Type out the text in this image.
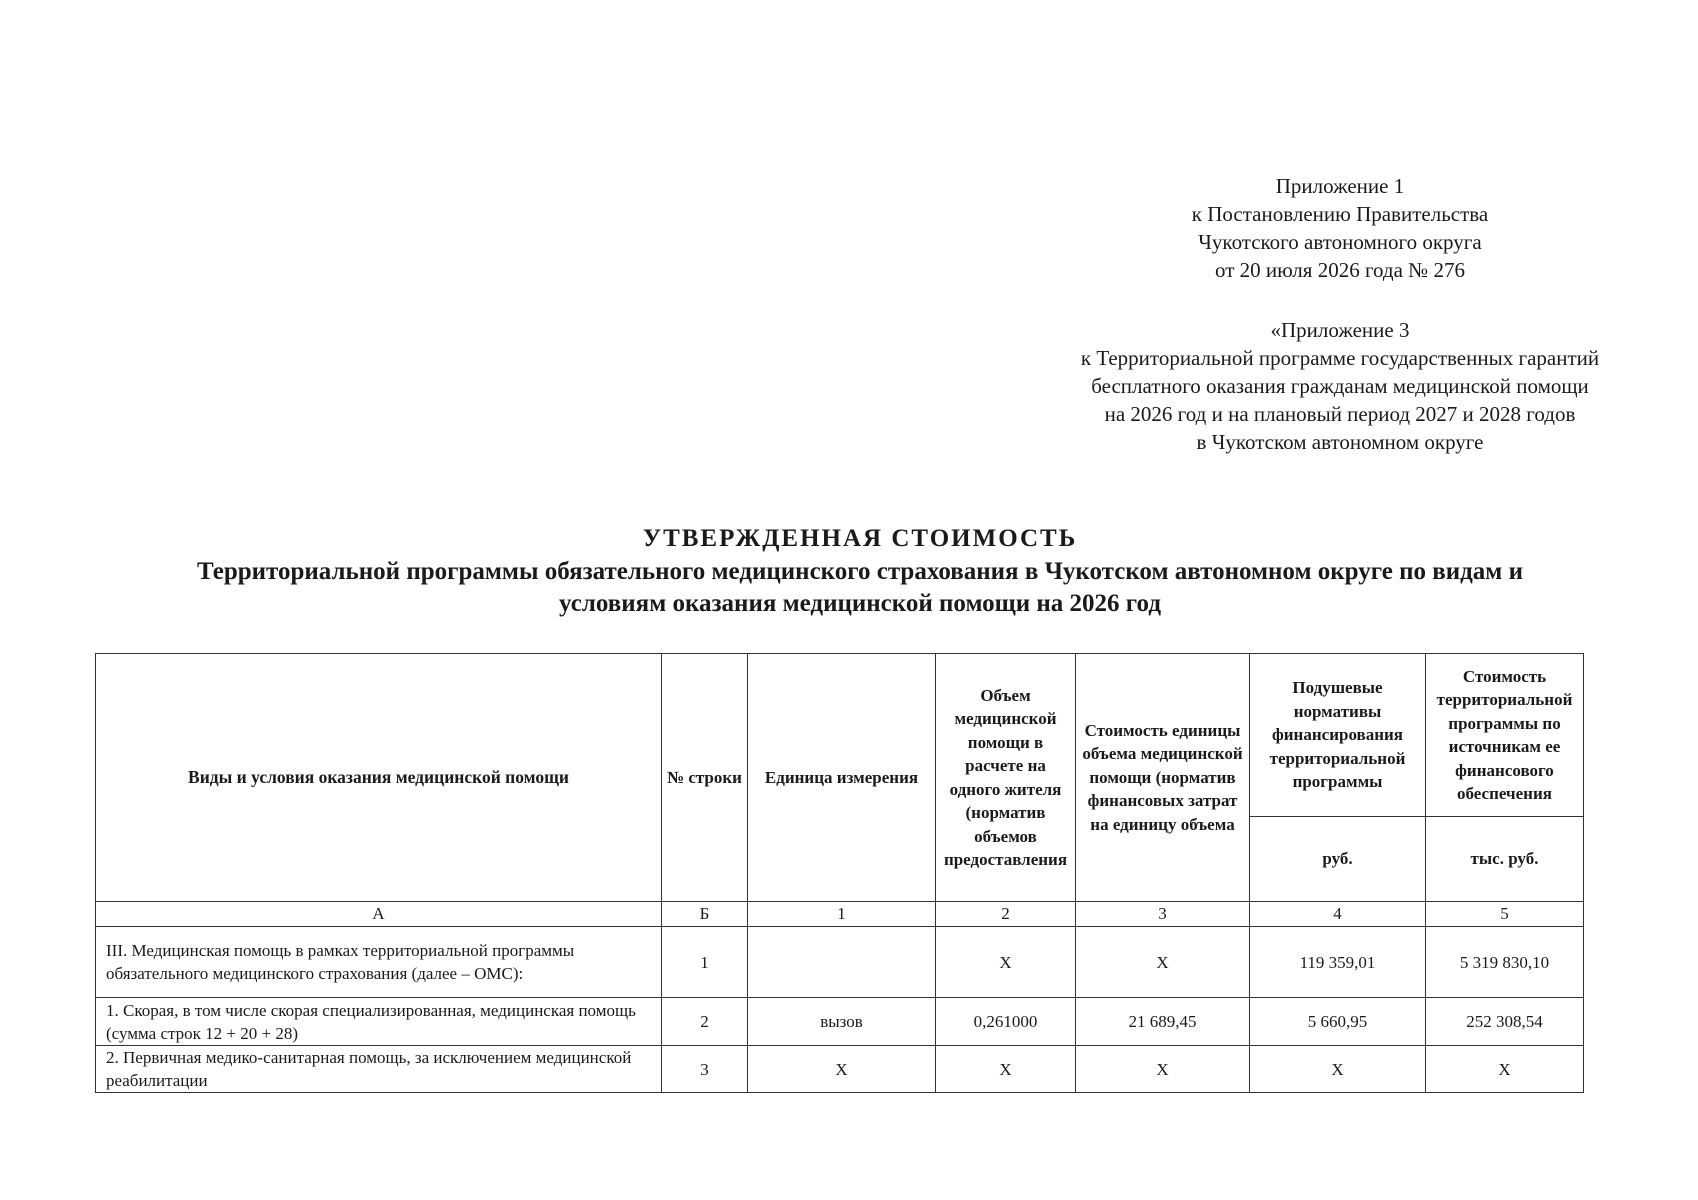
Приложение 1
к Постановлению Правительства
Чукотского автономного округа
от 20 июля 2026 года № 276
«Приложение 3
к Территориальной программе государственных гарантий
бесплатного оказания гражданам медицинской помощи
на 2026 год и на плановый период 2027 и 2028 годов
в Чукотском автономном округе
УТВЕРЖДЕННАЯ СТОИМОСТЬ
Территориальной программы обязательного медицинского страхования в Чукотском автономном округе по видам и
условиям оказания медицинской помощи на 2026 год
Виды и условия оказания медицинской помощи	№ строки	Единица измерения	Объем медицинской помощи в расчете на одного жителя (норматив объемов предоставления	Стоимость единицы объема медицинской помощи (норматив финансовых затрат на единицу объема	Подушевые нормативы финансирования территориальной программы	Стоимость территориальной программы по источникам ее финансового обеспечения
					руб.	тыс. руб.
А	Б	1	2	3	4	5
III. Медицинская помощь в рамках территориальной программы обязательного медицинского страхования (далее – ОМС):	1		X	X	119 359,01	5 319 830,10
1. Скорая, в том числе скорая специализированная, медицинская помощь (сумма строк 12 + 20 + 28)	2	вызов	0,261000	21 689,45	5 660,95	252 308,54
2. Первичная медико-санитарная помощь, за исключением медицинской реабилитации	3	X	X	X	X	X
